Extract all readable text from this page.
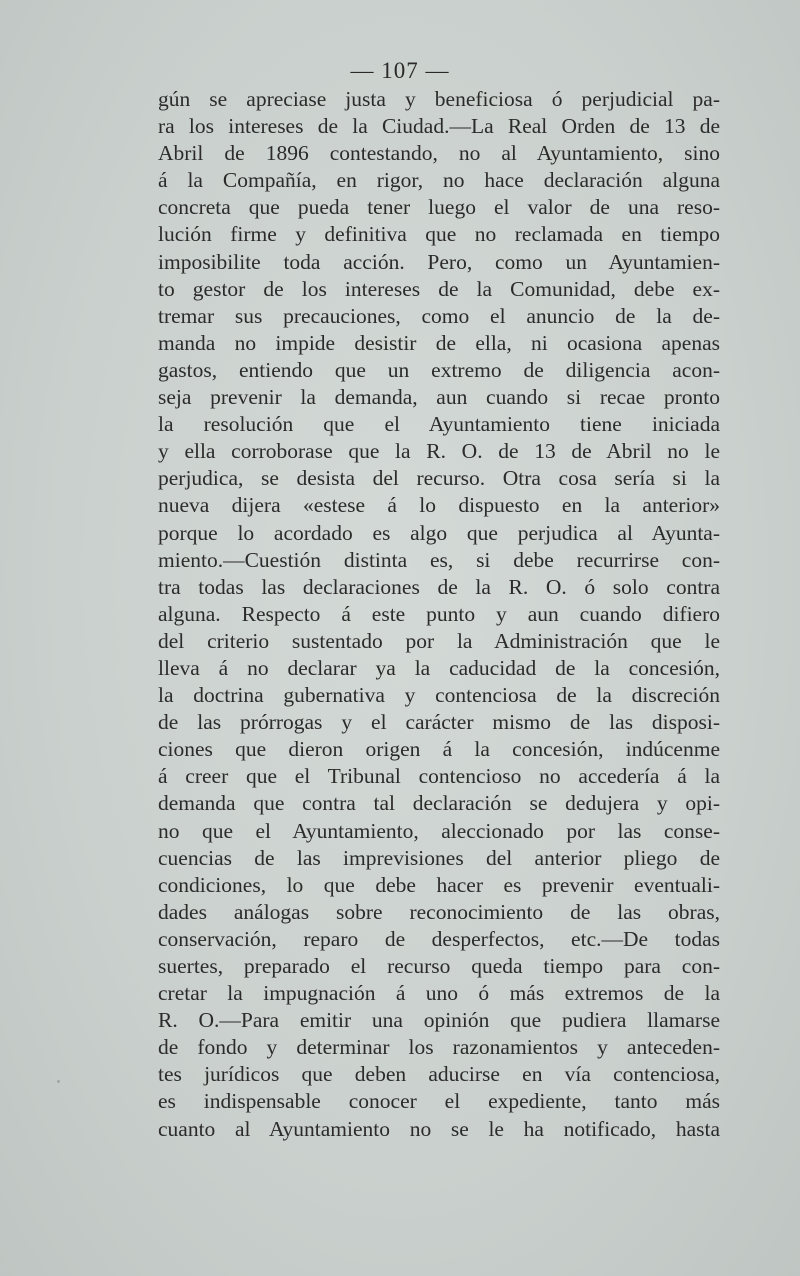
— 107 —
gún se apreciase justa y beneficiosa ó perjudicial pa-
ra los intereses de la Ciudad.—La Real Orden de 13 de
Abril de 1896 contestando, no al Ayuntamiento, sino
á la Compañía, en rigor, no hace declaración alguna
concreta que pueda tener luego el valor de una reso-
lución firme y definitiva que no reclamada en tiempo
imposibilite toda acción. Pero, como un Ayuntamien-
to gestor de los intereses de la Comunidad, debe ex-
tremar sus precauciones, como el anuncio de la de-
manda no impide desistir de ella, ni ocasiona apenas
gastos, entiendo que un extremo de diligencia acon-
seja prevenir la demanda, aun cuando si recae pronto
la resolución que el Ayuntamiento tiene iniciada
y ella corroborase que la R. O. de 13 de Abril no le
perjudica, se desista del recurso. Otra cosa sería si la
nueva dijera «estese á lo dispuesto en la anterior»
porque lo acordado es algo que perjudica al Ayunta-
miento.—Cuestión distinta es, si debe recurrirse con-
tra todas las declaraciones de la R. O. ó solo contra
alguna. Respecto á este punto y aun cuando difiero
del criterio sustentado por la Administración que le
lleva á no declarar ya la caducidad de la concesión,
la doctrina gubernativa y contenciosa de la discreción
de las prórrogas y el carácter mismo de las disposi-
ciones que dieron origen á la concesión, indúcenme
á creer que el Tribunal contencioso no accedería á la
demanda que contra tal declaración se dedujera y opi-
no que el Ayuntamiento, aleccionado por las conse-
cuencias de las imprevisiones del anterior pliego de
condiciones, lo que debe hacer es prevenir eventuali-
dades análogas sobre reconocimiento de las obras,
conservación, reparo de desperfectos, etc.—De todas
suertes, preparado el recurso queda tiempo para con-
cretar la impugnación á uno ó más extremos de la
R. O.—Para emitir una opinión que pudiera llamarse
de fondo y determinar los razonamientos y anteceden-
tes jurídicos que deben aducirse en vía contenciosa,
es indispensable conocer el expediente, tanto más
cuanto al Ayuntamiento no se le ha notificado, hasta
